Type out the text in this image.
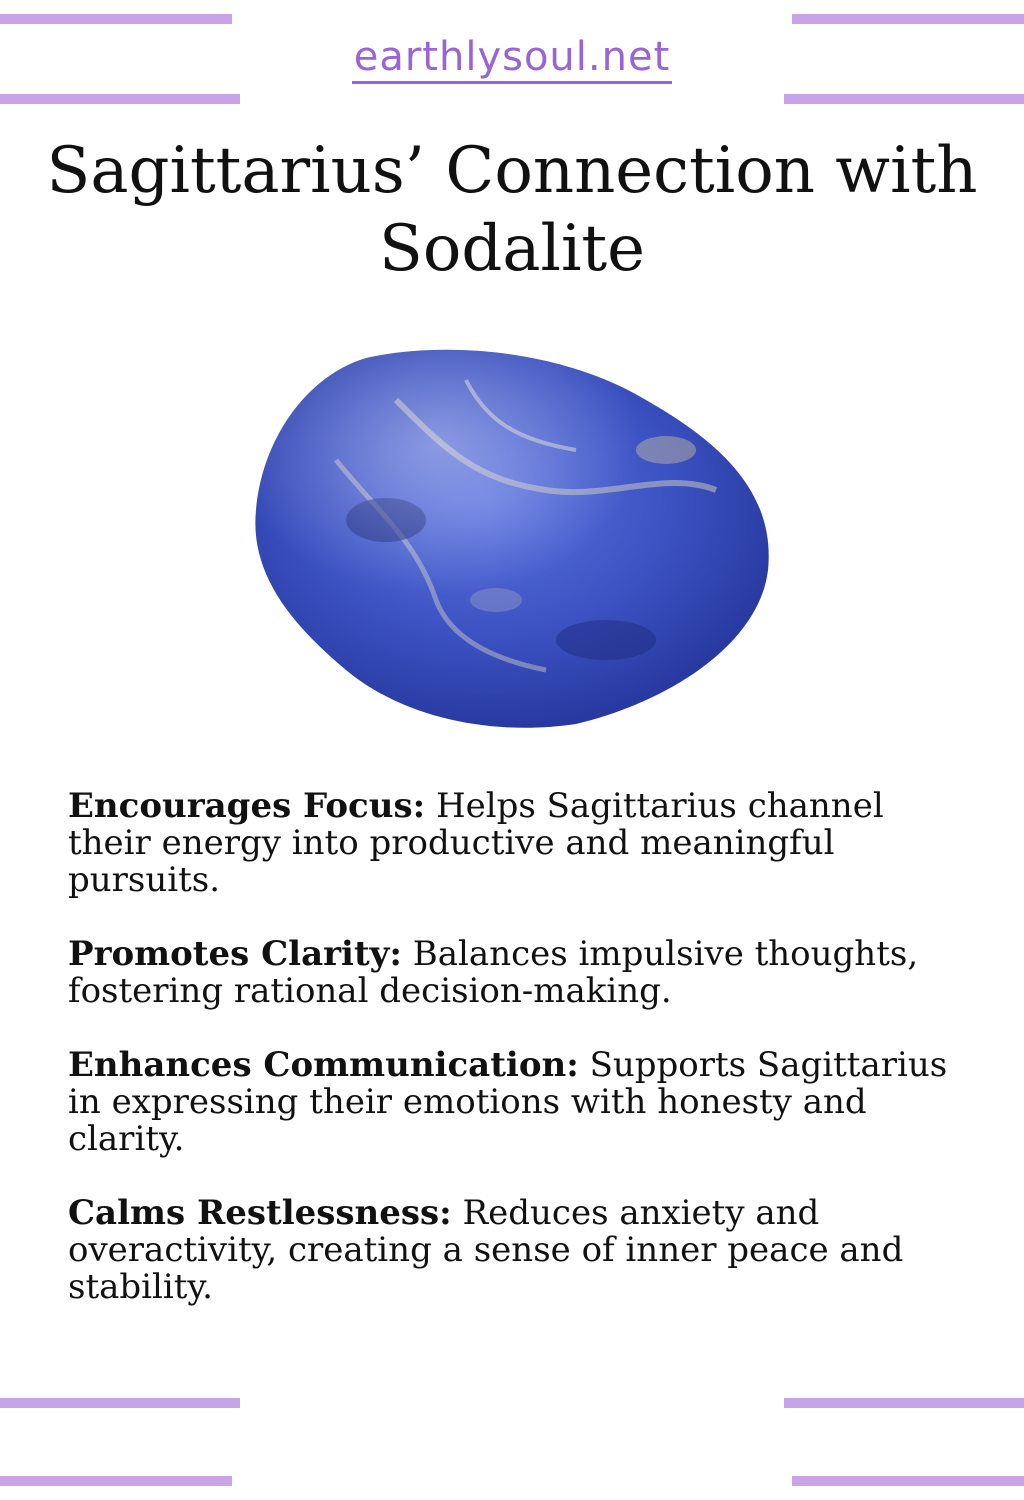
earthlysoul.net
Sagittarius’ Connection with Sodalite

Encourages Focus: Helps Sagittarius channel their energy into productive and meaningful pursuits.

Promotes Clarity: Balances impulsive thoughts, fostering rational decision-making.

Enhances Communication: Supports Sagittarius in expressing their emotions with honesty and clarity.

Calms Restlessness: Reduces anxiety and overactivity, creating a sense of inner peace and stability.
